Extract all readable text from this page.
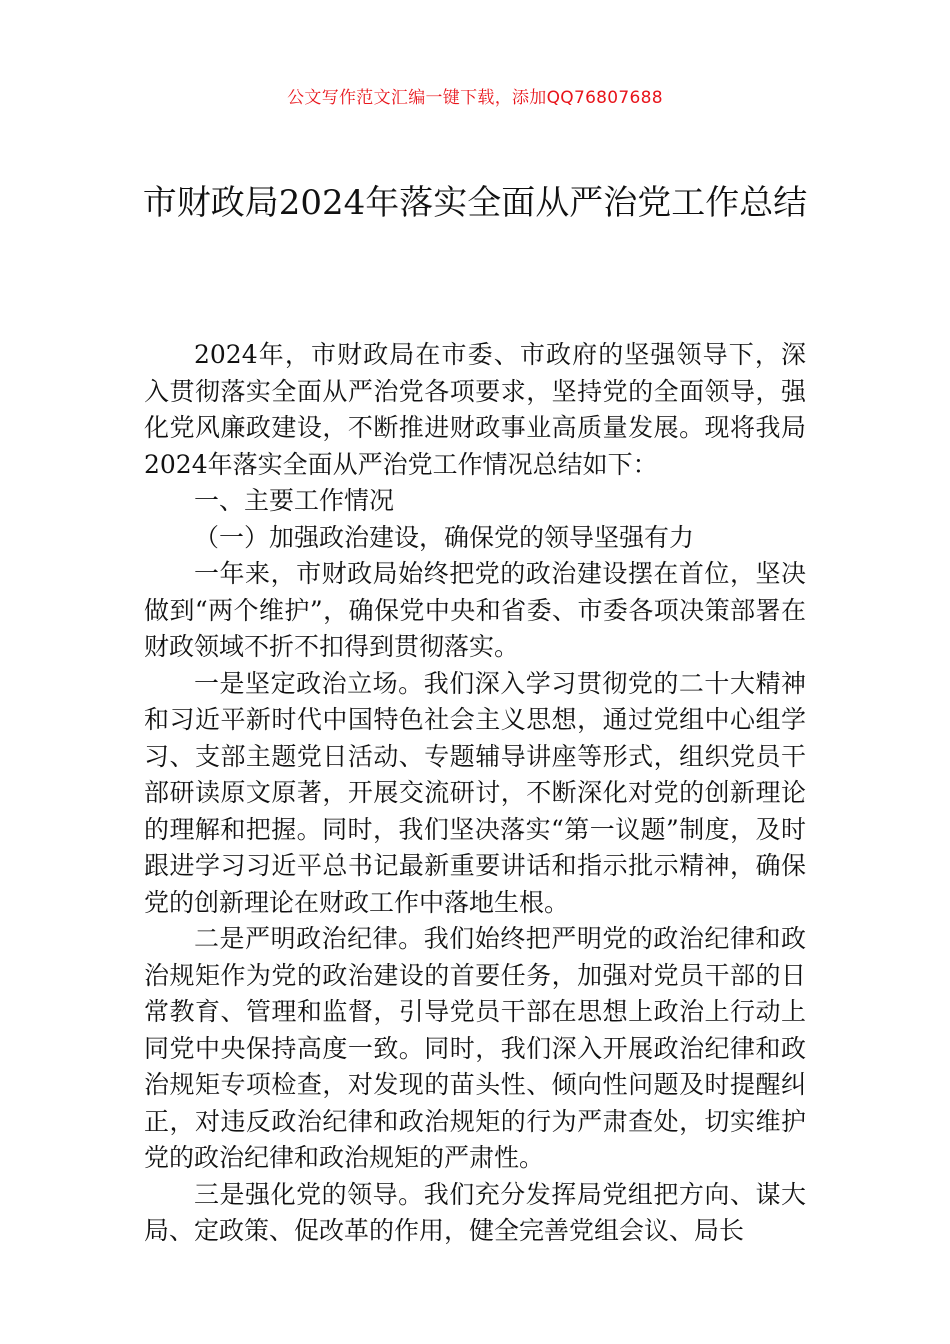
公文写作范文汇编一键下载，添加QQ76807688
市财政局2024年落实全面从严治党工作总结

2024年，市财政局在市委、市政府的坚强领导下，深入贯彻落实全面从严治党各项要求，坚持党的全面领导，强化党风廉政建设，不断推进财政事业高质量发展。现将我局2024年落实全面从严治党工作情况总结如下：

一、主要工作情况

（一）加强政治建设，确保党的领导坚强有力

一年来，市财政局始终把党的政治建设摆在首位，坚决做到“两个维护”，确保党中央和省委、市委各项决策部署在财政领域不折不扣得到贯彻落实。

一是坚定政治立场。我们深入学习贯彻党的二十大精神和习近平新时代中国特色社会主义思想，通过党组中心组学习、支部主题党日活动、专题辅导讲座等形式，组织党员干部研读原文原著，开展交流研讨，不断深化对党的创新理论的理解和把握。同时，我们坚决落实“第一议题”制度，及时跟进学习习近平总书记最新重要讲话和指示批示精神，确保党的创新理论在财政工作中落地生根。

二是严明政治纪律。我们始终把严明党的政治纪律和政治规矩作为党的政治建设的首要任务，加强对党员干部的日常教育、管理和监督，引导党员干部在思想上政治上行动上同党中央保持高度一致。同时，我们深入开展政治纪律和政治规矩专项检查，对发现的苗头性、倾向性问题及时提醒纠正，对违反政治纪律和政治规矩的行为严肃查处，切实维护党的政治纪律和政治规矩的严肃性。

三是强化党的领导。我们充分发挥局党组把方向、谋大局、定政策、促改革的作用，健全完善党组会议、局长
